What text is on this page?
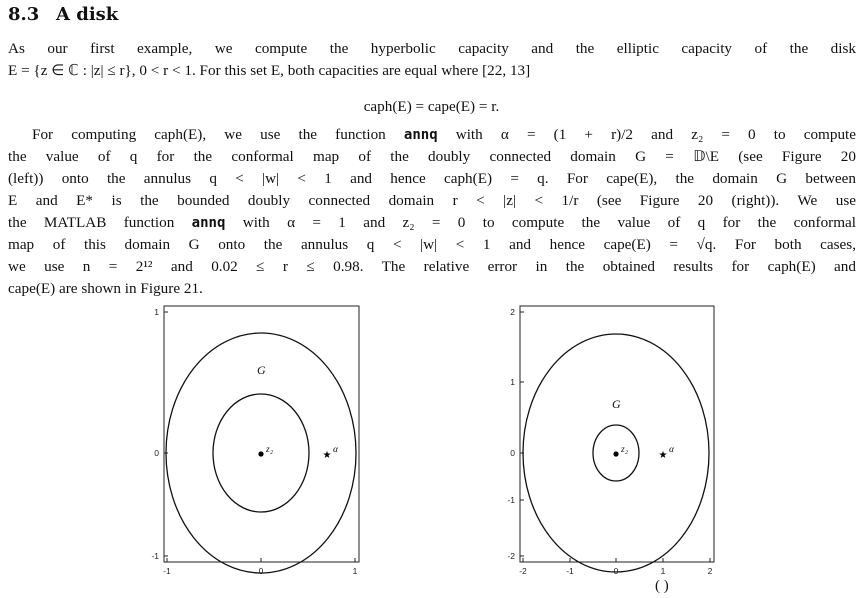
8.3 A disk
As our first example, we compute the hyperbolic capacity and the elliptic capacity of the disk
E = {z ∈ ℂ : |z| ≤ r}, 0 < r < 1. For this set E, both capacities are equal where [22, 13]
caph(E) = cape(E) = r.
For computing caph(E), we use the function annq with α = (1 + r)/2 and z₂ = 0 to compute
the value of q for the conformal map of the doubly connected domain G = 𝔻\E (see Figure 20
(left)) onto the annulus q < |w| < 1 and hence caph(E) = q. For cape(E), the domain G between
E and E* is the bounded doubly connected domain r < |z| < 1/r (see Figure 20 (right)). We use
the MATLAB function annq with α = 1 and z₂ = 0 to compute the value of q for the conformal
map of this domain G onto the annulus q < |w| < 1 and hence cape(E) = √q. For both cases,
we use n = 2¹² and 0.02 ≤ r ≤ 0.98. The relative error in the obtained results for caph(E) and
cape(E) are shown in Figure 21.
1
0
-1
-1	0	1
G
z₂	★ α
2
1
0
-1
-2
-2	-1	0	1	2
G
z₂	★ α
( )
